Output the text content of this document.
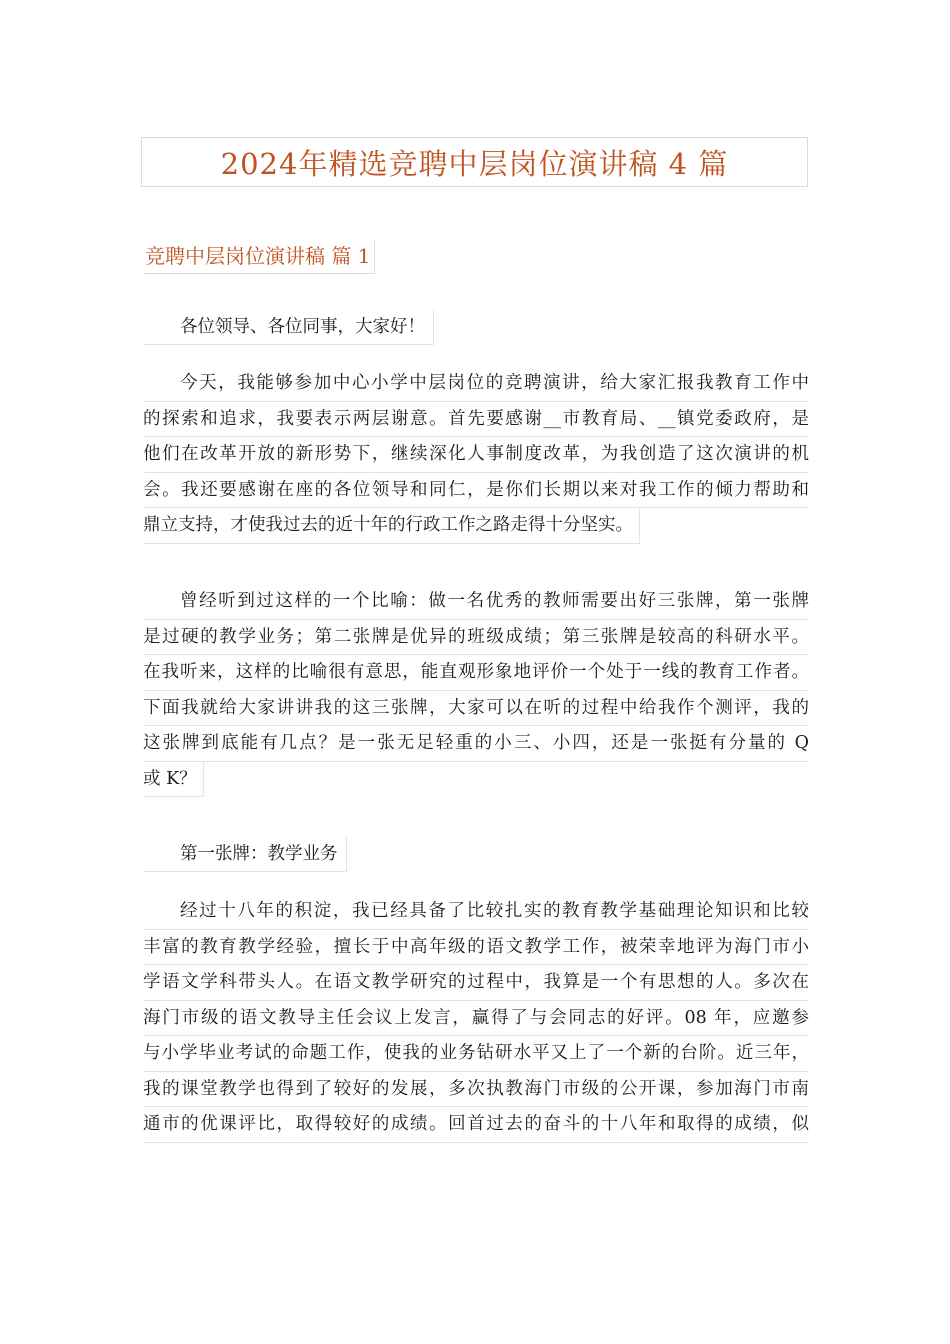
2024年精选竞聘中层岗位演讲稿 4 篇
竞聘中层岗位演讲稿 篇 1
各位领导、各位同事，大家好！
今天，我能够参加中心小学中层岗位的竞聘演讲，给大家汇报我教育工作中
的探索和追求，我要表示两层谢意。首先要感谢__市教育局、__镇党委政府，是
他们在改革开放的新形势下，继续深化人事制度改革，为我创造了这次演讲的机
会。我还要感谢在座的各位领导和同仁，是你们长期以来对我工作的倾力帮助和
鼎立支持，才使我过去的近十年的行政工作之路走得十分坚实。
曾经听到过这样的一个比喻：做一名优秀的教师需要出好三张牌，第一张牌
是过硬的教学业务；第二张牌是优异的班级成绩；第三张牌是较高的科研水平。
在我听来，这样的比喻很有意思，能直观形象地评价一个处于一线的教育工作者。
下面我就给大家讲讲我的这三张牌，大家可以在听的过程中给我作个测评，我的
这张牌到底能有几点？是一张无足轻重的小三、小四，还是一张挺有分量的 Q
或 K？
第一张牌：教学业务
经过十八年的积淀，我已经具备了比较扎实的教育教学基础理论知识和比较
丰富的教育教学经验，擅长于中高年级的语文教学工作，被荣幸地评为海门市小
学语文学科带头人。在语文教学研究的过程中，我算是一个有思想的人。多次在
海门市级的语文教导主任会议上发言，赢得了与会同志的好评。08 年，应邀参
与小学毕业考试的命题工作，使我的业务钻研水平又上了一个新的台阶。近三年，
我的课堂教学也得到了较好的发展，多次执教海门市级的公开课，参加海门市南
通市的优课评比，取得较好的成绩。回首过去的奋斗的十八年和取得的成绩，似
